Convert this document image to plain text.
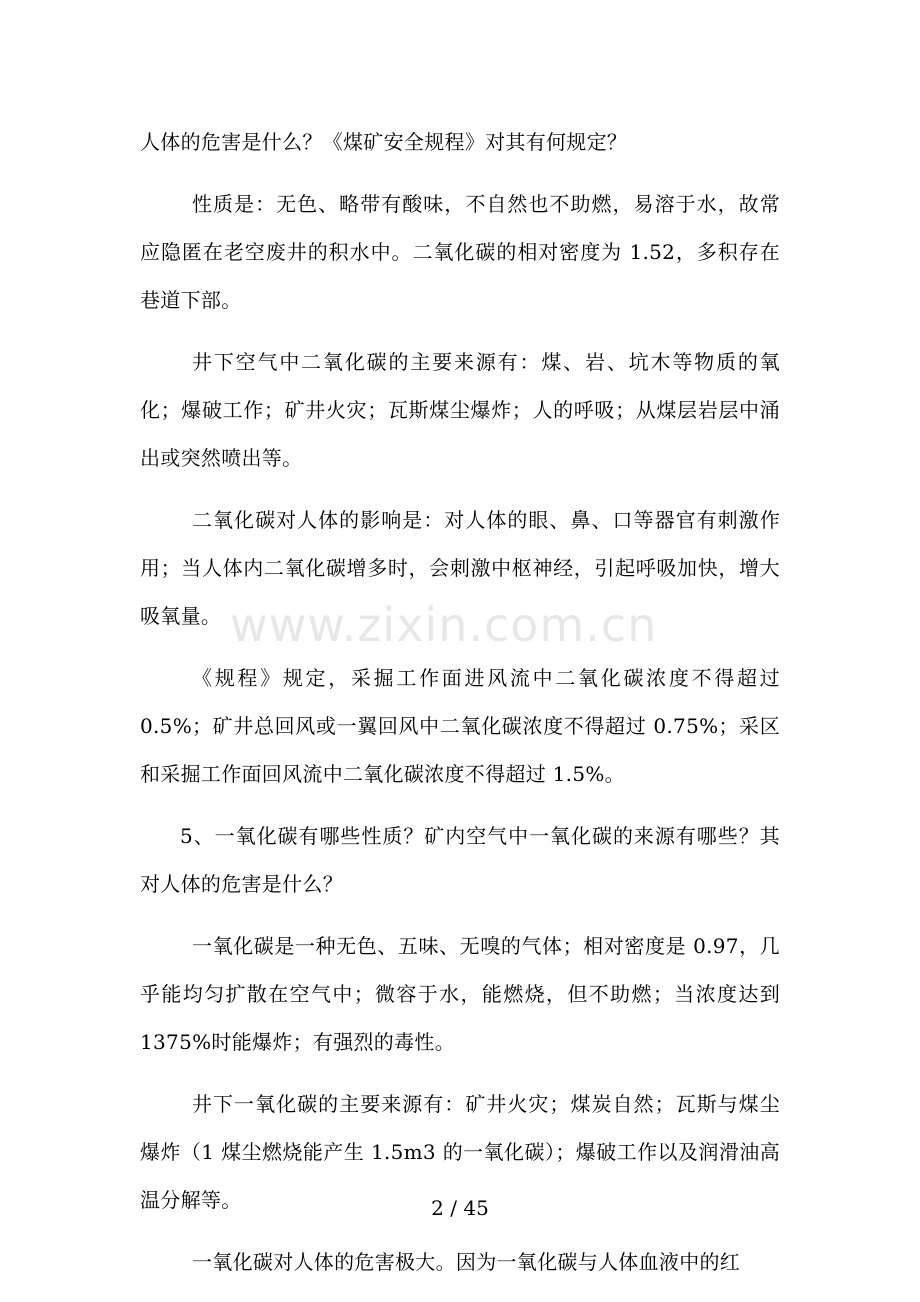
人体的危害是什么？《煤矿安全规程》对其有何规定？

性质是：无色、略带有酸味，不自然也不助燃，易溶于水，故常应隐匿在老空废井的积水中。二氧化碳的相对密度为 1.52，多积存在巷道下部。

井下空气中二氧化碳的主要来源有：煤、岩、坑木等物质的氧化；爆破工作；矿井火灾；瓦斯煤尘爆炸；人的呼吸；从煤层岩层中涌出或突然喷出等。

二氧化碳对人体的影响是：对人体的眼、鼻、口等器官有刺激作用；当人体内二氧化碳增多时，会刺激中枢神经，引起呼吸加快，增大吸氧量。

《规程》规定，采掘工作面进风流中二氧化碳浓度不得超过 0.5%；矿井总回风或一翼回风中二氧化碳浓度不得超过 0.75%；采区和采掘工作面回风流中二氧化碳浓度不得超过 1.5%。

5、一氧化碳有哪些性质？矿内空气中一氧化碳的来源有哪些？其对人体的危害是什么？

一氧化碳是一种无色、五味、无嗅的气体；相对密度是 0.97，几乎能均匀扩散在空气中；微容于水，能燃烧，但不助燃；当浓度达到 1375%时能爆炸；有强烈的毒性。

井下一氧化碳的主要来源有：矿井火灾；煤炭自然；瓦斯与煤尘爆炸（1 煤尘燃烧能产生 1.5m3 的一氧化碳）；爆破工作以及润滑油高温分解等。

一氧化碳对人体的危害极大。因为一氧化碳与人体血液中的红

www.zixin.com.cn
2 / 45
